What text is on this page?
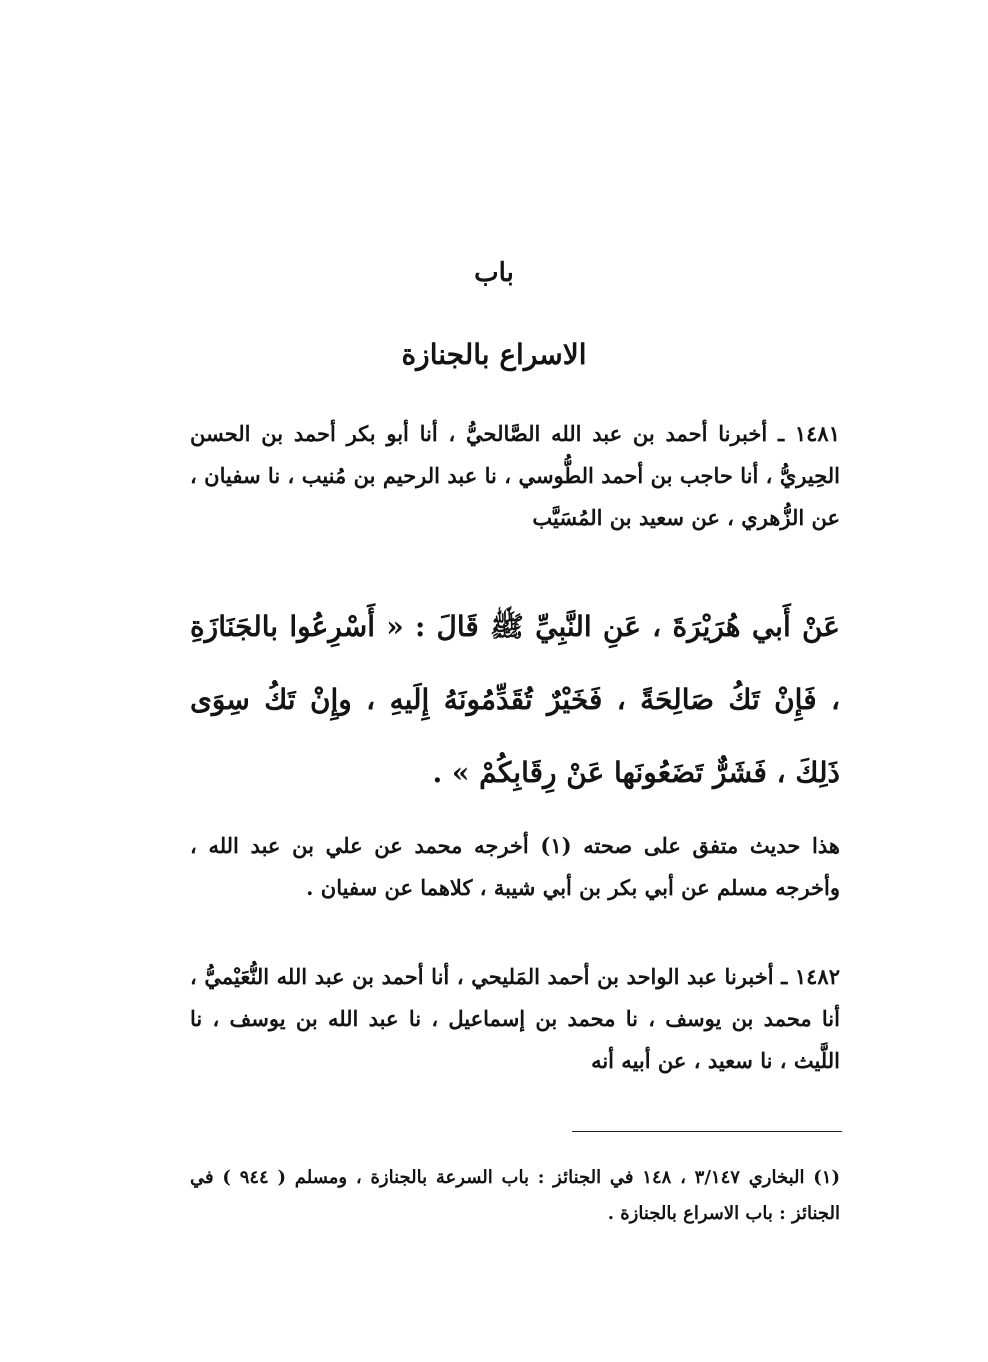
باب
الاسراع بالجنازة
١٤٨١ ـ أخبرنا أحمد بن عبد الله الصَّالحيُّ ، أنا أبو بكر أحمد بن الحسن الحِيريُّ ، أنا حاجب بن أحمد الطُّوسي ، نا عبد الرحيم بن مُنيب ، نا سفيان ، عن الزُّهري ، عن سعيد بن المُسَيَّب
عَنْ أَبي هُرَيْرَةَ ، عَنِ النَّبِيِّ ﷺ قَالَ : « أَسْرِعُوا بالجَنَازَةِ ، فَإِنْ تَكُ صَالِحَةً ، فَخَيْرٌ تُقَدِّمُونَهُ إِلَيهِ ، وإِنْ تَكُ سِوَى ذَلِكَ ، فَشَرٌّ تَضَعُونَها عَنْ رِقَابِكُمْ » .
هذا حديث متفق على صحته (١) أخرجه محمد عن علي بن عبد الله ، وأخرجه مسلم عن أبي بكر بن أبي شيبة ، كلاهما عن سفيان .
١٤٨٢ ـ أخبرنا عبد الواحد بن أحمد المَليحي ، أنا أحمد بن عبد الله النُّعَيْميُّ ، أنا محمد بن يوسف ، نا محمد بن إسماعيل ، نا عبد الله بن يوسف ، نا اللَّيث ، نا سعيد ، عن أبيه أنه
(١) البخاري ٣/١٤٧ ، ١٤٨ في الجنائز : باب السرعة بالجنازة ، ومسلم ( ٩٤٤ ) في الجنائز : باب الاسراع بالجنازة .
